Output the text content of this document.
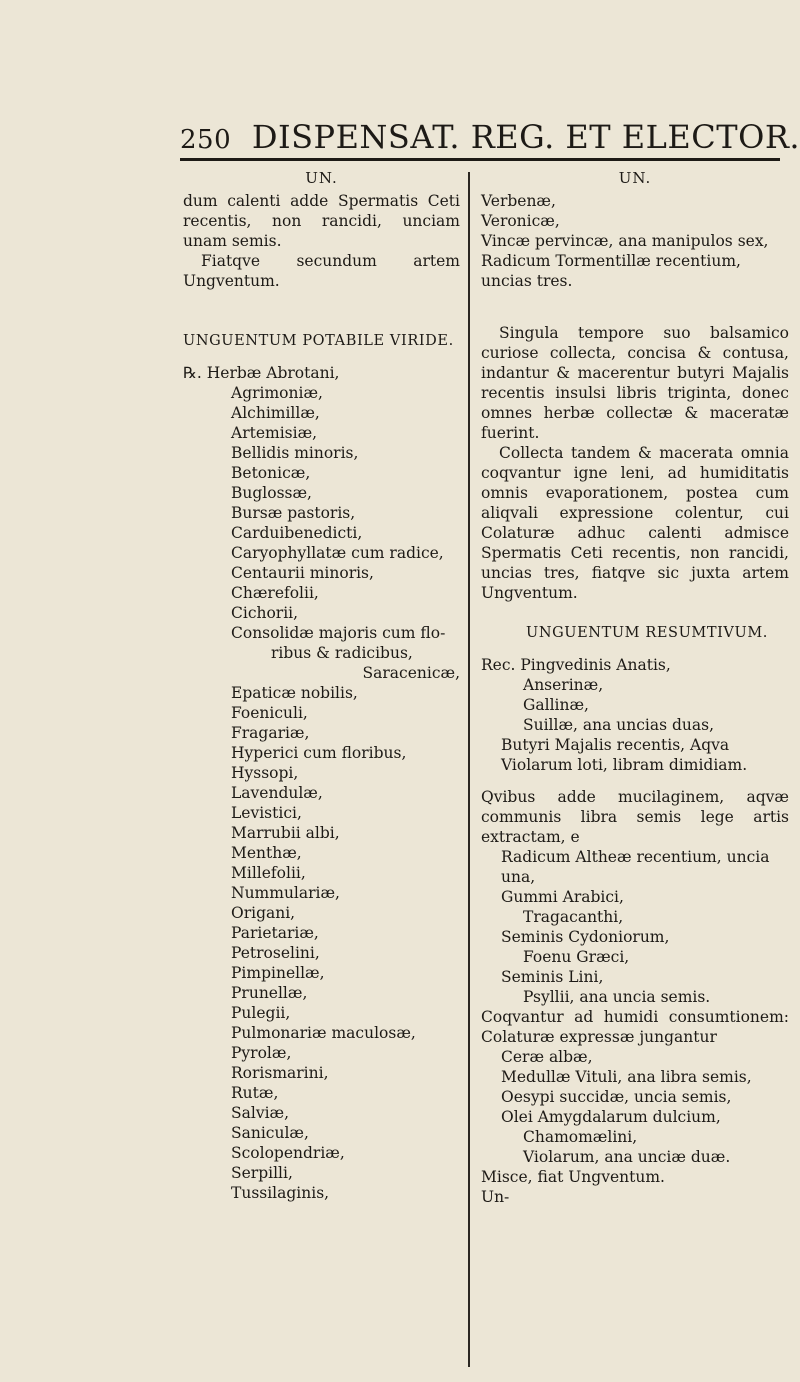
250 DISPENSAT. REG. ET ELECTOR.
UN.

dum calenti adde Spermatis Ceti recentis, non rancidi, unciam unam semis.

Fiatqve secundum artem Ungventum.

UNGUENTUM POTABILE VIRIDE.

℞. Herbæ Abrotani,
Agrimoniæ,
Alchimillæ,
Artemisiæ,
Bellidis minoris,
Betonicæ,
Buglossæ,
Bursæ pastoris,
Carduibenedicti,
Caryophyllatæ cum radice,
Centaurii minoris,
Chærefolii,
Cichorii,
Consolidæ majoris cum flo-
ribus & radicibus,
Saracenicæ,
Epaticæ nobilis,
Foeniculi,
Fragariæ,
Hyperici cum floribus,
Hyssopi,
Lavendulæ,
Levistici,
Marrubii albi,
Menthæ,
Millefolii,
Nummulariæ,
Origani,
Parietariæ,
Petroselini,
Pimpinellæ,
Prunellæ,
Pulegii,
Pulmonariæ maculosæ,
Pyrolæ,
Rorismarini,
Rutæ,
Salviæ,
Saniculæ,
Scolopendriæ,
Serpilli,
Tussilaginis,
UN.
Verbenæ,
Veronicæ,
Vincæ pervincæ, ana manipulos sex,
Radicum Tormentillæ recentium, uncias tres.

Singula tempore suo balsamico curiose collecta, concisa & contusa, indantur & macerentur butyri Majalis recentis insulsi libris triginta, donec omnes herbæ collectæ & maceratæ fuerint.

Collecta tandem & macerata omnia coqvantur igne leni, ad humiditatis omnis evaporationem, postea cum aliqvali expressione colentur, cui Colaturæ adhuc calenti admisce Spermatis Ceti recentis, non rancidi, uncias tres, fiatqve sic juxta artem Ungventum.

UNGUENTUM RESUMTIVUM.

Rec. Pingvedinis Anatis,
Anserinæ,
Gallinæ,
Suillæ, ana uncias duas,
Butyri Majalis recentis, Aqva Violarum loti, libram dimidiam.

Qvibus adde mucilaginem, aqvæ communis libra semis lege artis extractam, e

Radicum Altheæ recentium, uncia una,
Gummi Arabici,
Tragacanthi,
Seminis Cydoniorum,
Foenu Græci,
Seminis Lini,
Psyllii, ana uncia semis.

Coqvantur ad humidi consumtionem: Colaturæ expressæ jungantur

Ceræ albæ,
Medullæ Vituli, ana libra semis,
Oesypi succidæ, uncia semis,
Olei Amygdalarum dulcium,
Chamomælini,
Violarum, ana unciæ duæ.

Misce, fiat Ungventum.

Un-
